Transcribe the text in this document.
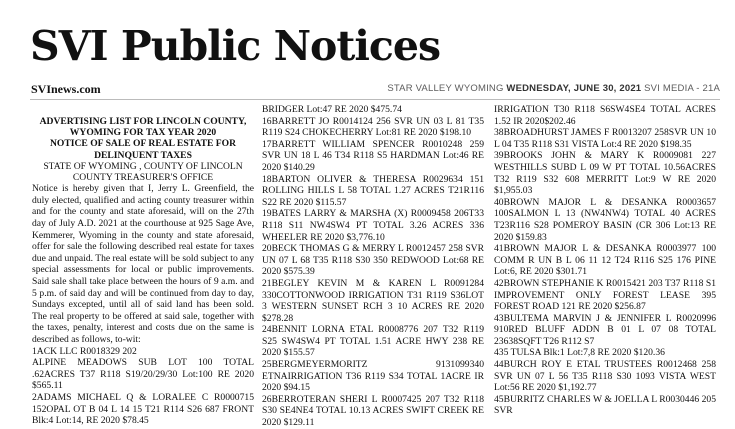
SVI Public Notices
SVInews.com	STAR VALLEY WYOMING WEDNESDAY, JUNE 30, 2021 SVI MEDIA - 21A
ADVERTISING LIST FOR LINCOLN COUNTY,
WYOMING FOR TAX YEAR 2020
NOTICE OF SALE OF REAL ESTATE FOR
DELINQUENT TAXES
STATE OF WYOMING , COUNTY OF LINCOLN
COUNTY TREASURER'S OFFICE
Notice is hereby given that I, Jerry L. Greenfield, the duly elected, qualified and acting county treasurer within and for the county and state aforesaid, will on the 27th day of July A.D. 2021 at the courthouse at 925 Sage Ave, Kemmerer, Wyoming in the county and state aforesaid, offer for sale the following described real estate for taxes due and unpaid. The real estate will be sold subject to any special assessments for local or public improvements. Said sale shall take place between the hours of 9 a.m. and 5 p.m. of said day and will be continued from day to day, Sundays excepted, until all of said land has been sold. The real property to be offered at said sale, together with the taxes, penalty, interest and costs due on the same is described as follows, to-wit:
1ACK LLC R0018329 202
ALPINE MEADOWS SUB LOT 100 TOTAL .62ACRES T37 R118 S19/20/29/30 Lot:100 RE 2020 $565.11
2ADAMS MICHAEL Q & LORALEE C R0000715 152OPAL OT B 04 L 14 15 T21 R114 S26 687 FRONT Blk:4 Lot:14, RE 2020 $78.45
BRIDGER Lot:47 RE 2020 $475.74
16BARRETT JO R0014124 256 SVR UN 03 L 81 T35 R119 S24 CHOKECHERRY Lot:81 RE 2020 $198.10
17BARRETT WILLIAM SPENCER R0010248 259 SVR UN 18 L 46 T34 R118 S5 HARDMAN Lot:46 RE 2020 $140.29
18BARTON OLIVER & THERESA R0029634 151 ROLLING HILLS L 58 TOTAL 1.27 ACRES T21R116 S22 RE 2020 $115.57
19BATES LARRY & MARSHA (X) R0009458 206T33 R118 S11 NW4SW4 PT TOTAL 3.26 ACRES 336 WHEELER RE 2020 $3,776.10
20BECK THOMAS G & MERRY L R0012457 258 SVR UN 07 L 68 T35 R118 S30 350 REDWOOD Lot:68 RE 2020 $575.39
21BEGLEY KEVIN M & KAREN L R0091284 330COTTONWOOD IRRIGATION T31 R119 S36LOT 3 WESTERN SUNSET RCH 3 10 ACRES RE 2020 $278.28
24BENNIT LORNA ETAL R0008776 207 T32 R119 S25 SW4SW4 PT TOTAL 1.51 ACRE HWY 238 RE 2020 $155.57
25BERGMEYERMORITZ 9131099340 ETNAIRRIGATION T36 R119 S34 TOTAL 1ACRE IR 2020 $94.15
26BERROTERAN SHERI L R0007425 207 T32 R118 S30 SE4NE4 TOTAL 10.13 ACRES SWIFT CREEK RE 2020 $129.11
IRRIGATION T30 R118 S6SW4SE4 TOTAL ACRES 1.52 IR 2020$202.46
38BROADHURST JAMES F R0013207 258SVR UN 10 L 04 T35 R118 S31 VISTA Lot:4 RE 2020 $198.35
39BROOKS JOHN & MARY K R0009081 227 WESTHILLS SUBD L 09 W PT TOTAL 10.56ACRES T32 R119 S32 608 MERRITT Lot:9 W RE 2020 $1,955.03
40BROWN MAJOR L & DESANKA R0003657 100SALMON L 13 (NW4NW4) TOTAL 40 ACRES T23R116 S28 POMEROY BASIN (CR 306 Lot:13 RE 2020 $159.83
41BROWN MAJOR L & DESANKA R0003977 100 COMM R UN B L 06 11 12 T24 R116 S25 176 PINE Lot:6, RE 2020 $301.71
42BROWN STEPHANIE K R0015421 203 T37 R118 S1 IMPROVEMENT ONLY FOREST LEASE 395 FOREST ROAD 121 RE 2020 $256.87
43BULTEMA MARVIN J & JENNIFER L R0020996 910RED BLUFF ADDN B 01 L 07 08 TOTAL 23638SQFT T26 R112 S7
435 TULSA Blk:1 Lot:7,8 RE 2020 $120.36
44BURCH ROY E ETAL TRUSTEES R0012468 258 SVR UN 07 L 56 T35 R118 S30 1093 VISTA WEST Lot:56 RE 2020 $1,192.77
45BURRITZ CHARLES W & JOELLA L R0030446 205 SVR
